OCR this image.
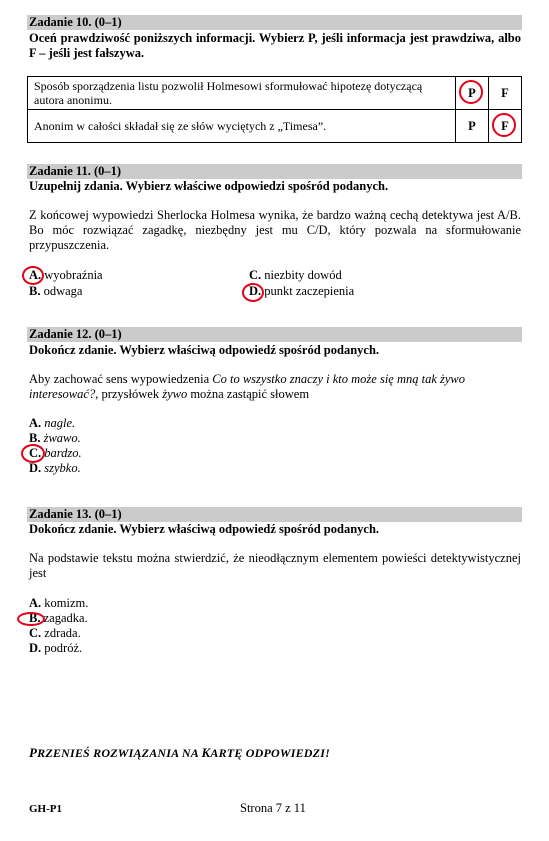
Zadanie 10. (0–1)
Oceń prawdziwość poniższych informacji. Wybierz P, jeśli informacja jest prawdziwa, albo F – jeśli jest fałszywa.
Sposób sporządzenia listu pozwolił Holmesowi sformułować hipotezę dotyczącą autora anonimu.	P	F
Anonim w całości składał się ze słów wyciętych z „Timesa”.	P	F
Zadanie 11. (0–1)
Uzupełnij zdania. Wybierz właściwe odpowiedzi spośród podanych.
Z końcowej wypowiedzi Sherlocka Holmesa wynika, że bardzo ważną cechą detektywa jest A/B. Bo móc rozwiązać zagadkę, niezbędny jest mu C/D, który pozwala na sformułowanie przypuszczenia.
A. wyobraźnia
B. odwaga
C. niezbity dowód
D. punkt zaczepienia
Zadanie 12. (0–1)
Dokończ zdanie. Wybierz właściwą odpowiedź spośród podanych.
Aby zachować sens wypowiedzenia Co to wszystko znaczy i kto może się mną tak żywo interesować?, przysłówek żywo można zastąpić słowem
A. nagle.
B. żwawo.
C. bardzo.
D. szybko.
Zadanie 13. (0–1)
Dokończ zdanie. Wybierz właściwą odpowiedź spośród podanych.
Na podstawie tekstu można stwierdzić, że nieodłącznym elementem powieści detektywistycznej jest
A. komizm.
B. zagadka.
C. zdrada.
D. podróż.
PRZENIEŚ ROZWIĄZANIA NA KARTĘ ODPOWIEDZI!
GH-P1	Strona 7 z 11
